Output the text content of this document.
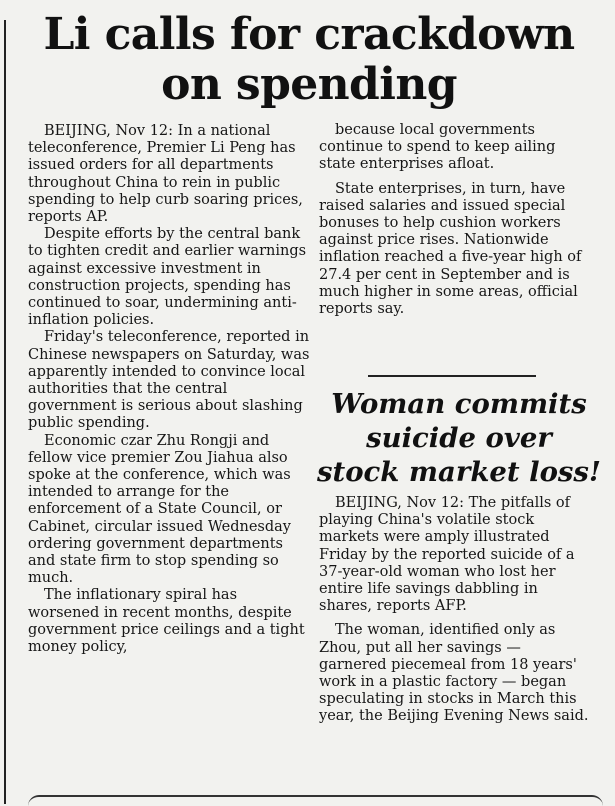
Li calls for crackdown
on spending

BEIJING, Nov 12: In a national teleconference, Premier Li Peng has issued orders for all departments throughout China to rein in public spending to help curb soaring prices, reports AP.

Despite efforts by the central bank to tighten credit and earlier warnings against excessive investment in construction projects, spending has continued to soar, undermining anti-inflation policies.

Friday's teleconference, reported in Chinese newspapers on Saturday, was apparently intended to convince local authorities that the central government is serious about slashing public spending.

Economic czar Zhu Rongji and fellow vice premier Zou Jiahua also spoke at the conference, which was intended to arrange for the enforcement of a State Council, or Cabinet, circular issued Wednesday ordering government departments and state firm to stop spending so much.

The inflationary spiral has worsened in recent months, despite government price ceilings and a tight money policy,

because local governments continue to spend to keep ailing state enterprises afloat.

State enterprises, in turn, have raised salaries and issued special bonuses to help cushion workers against price rises. Nationwide inflation reached a five-year high of 27.4 per cent in September and is much higher in some areas, official reports say.

Woman commits
suicide over
stock market loss!

BEIJING, Nov 12: The pitfalls of playing China's volatile stock markets were amply illustrated Friday by the reported suicide of a 37-year-old woman who lost her entire life savings dabbling in shares, reports AFP.

The woman, identified only as Zhou, put all her savings — garnered piecemeal from 18 years' work in a plastic factory — began speculating in stocks in March this year, the Beijing Evening News said.
